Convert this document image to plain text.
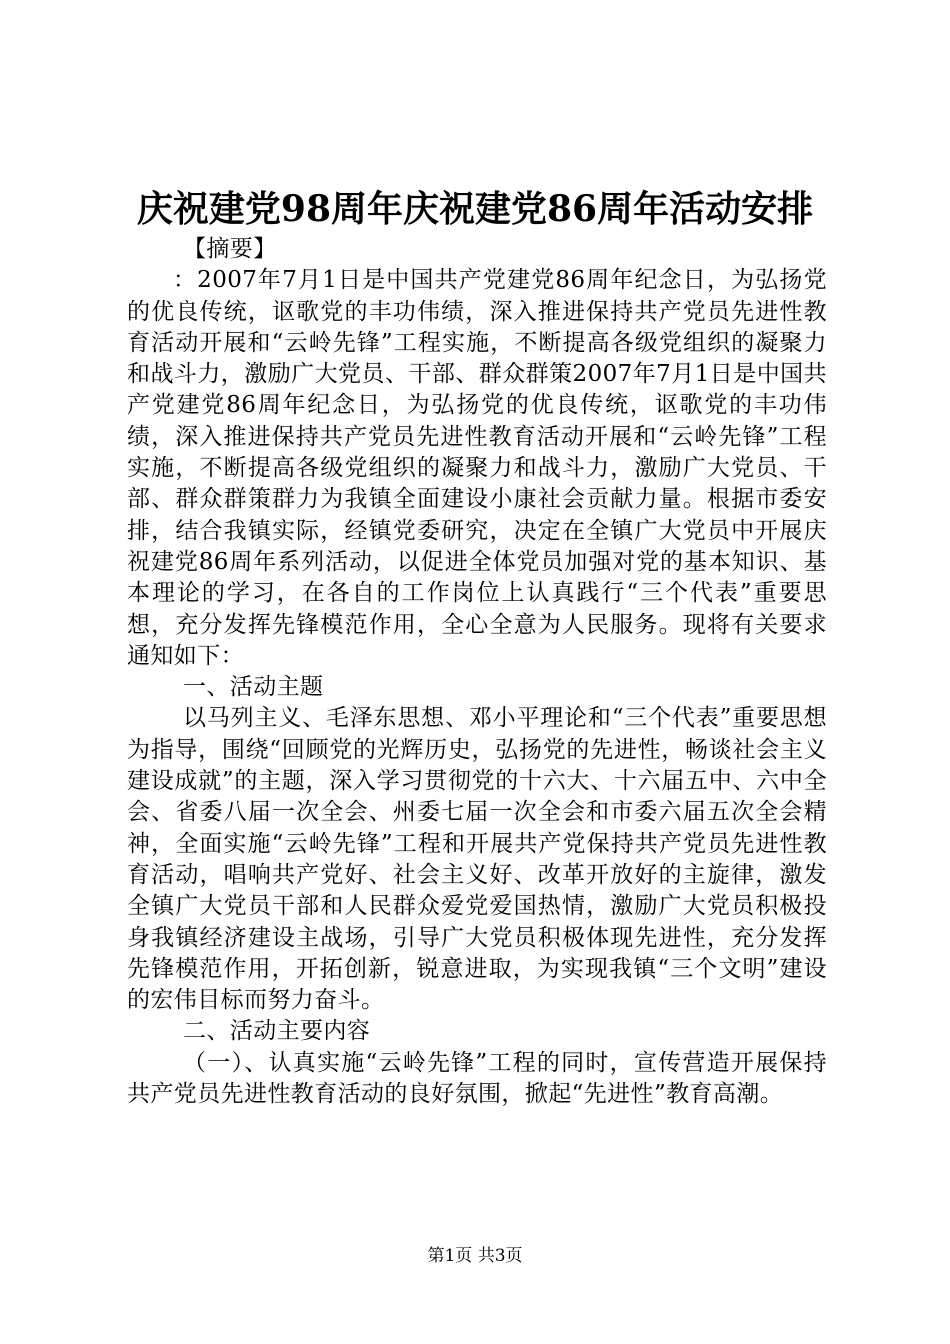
庆祝建党98周年庆祝建党86周年活动安排

【摘要】

：2007年7月1日是中国共产党建党86周年纪念日，为弘扬党的优良传统，讴歌党的丰功伟绩，深入推进保持共产党员先进性教育活动开展和“云岭先锋”工程实施，不断提高各级党组织的凝聚力和战斗力，激励广大党员、干部、群众群策2007年7月1日是中国共产党建党86周年纪念日，为弘扬党的优良传统，讴歌党的丰功伟绩，深入推进保持共产党员先进性教育活动开展和“云岭先锋”工程实施，不断提高各级党组织的凝聚力和战斗力，激励广大党员、干部、群众群策群力为我镇全面建设小康社会贡献力量。根据市委安排，结合我镇实际，经镇党委研究，决定在全镇广大党员中开展庆祝建党86周年系列活动，以促进全体党员加强对党的基本知识、基本理论的学习，在各自的工作岗位上认真践行“三个代表”重要思想，充分发挥先锋模范作用，全心全意为人民服务。现将有关要求通知如下：

一、活动主题

以马列主义、毛泽东思想、邓小平理论和“三个代表”重要思想为指导，围绕“回顾党的光辉历史，弘扬党的先进性，畅谈社会主义建设成就”的主题，深入学习贯彻党的十六大、十六届五中、六中全会、省委八届一次全会、州委七届一次全会和市委六届五次全会精神，全面实施“云岭先锋”工程和开展共产党保持共产党员先进性教育活动，唱响共产党好、社会主义好、改革开放好的主旋律，激发全镇广大党员干部和人民群众爱党爱国热情，激励广大党员积极投身我镇经济建设主战场，引导广大党员积极体现先进性，充分发挥先锋模范作用，开拓创新，锐意进取，为实现我镇“三个文明”建设的宏伟目标而努力奋斗。

二、活动主要内容

（一）、认真实施“云岭先锋”工程的同时，宣传营造开展保持共产党员先进性教育活动的良好氛围，掀起“先进性”教育高潮。

第1页 共3页
